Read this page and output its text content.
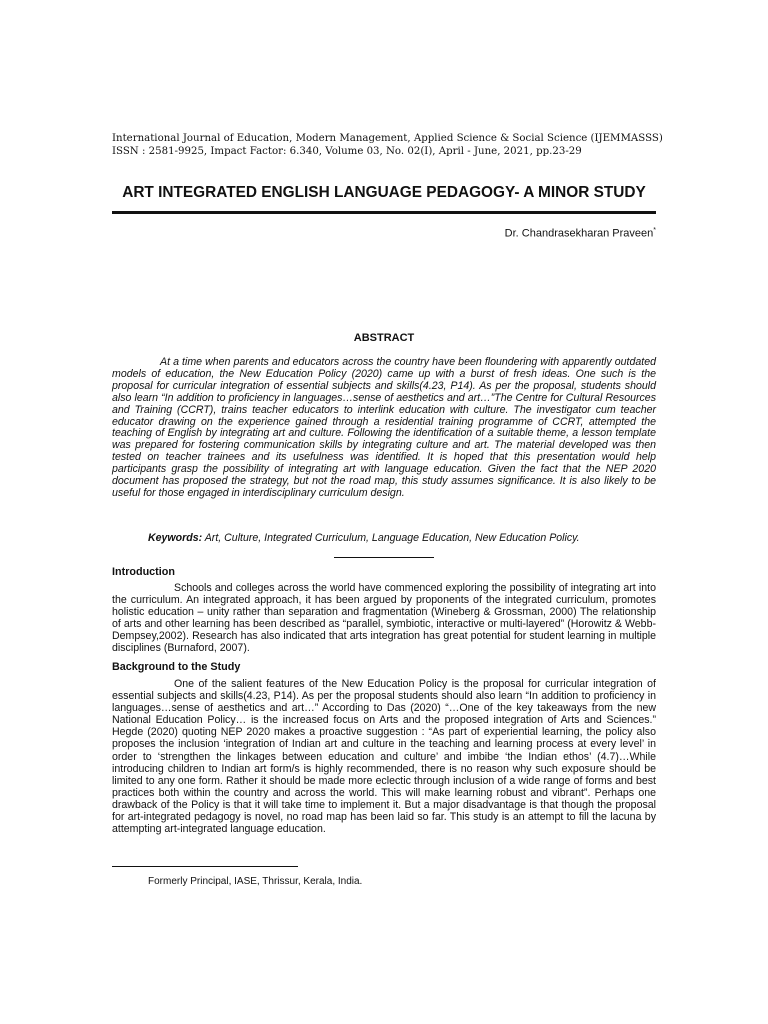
International Journal of Education, Modern Management, Applied Science & Social Science (IJEMMASSS)
ISSN : 2581-9925, Impact Factor: 6.340, Volume 03, No. 02(I), April - June, 2021, pp.23-29
ART INTEGRATED ENGLISH LANGUAGE PEDAGOGY- A MINOR STUDY
Dr. Chandrasekharan Praveen*
ABSTRACT

At a time when parents and educators across the country have been floundering with apparently outdated models of education, the New Education Policy (2020) came up with a burst of fresh ideas. One such is the proposal for curricular integration of essential subjects and skills(4.23, P14). As per the proposal, students should also learn “In addition to proficiency in languages…sense of aesthetics and art…”The Centre for Cultural Resources and Training (CCRT), trains teacher educators to interlink education with culture. The investigator cum teacher educator drawing on the experience gained through a residential training programme of CCRT, attempted the teaching of English by integrating art and culture. Following the identification of a suitable theme, a lesson template was prepared for fostering communication skills by integrating culture and art. The material developed was then tested on teacher trainees and its usefulness was identified. It is hoped that this presentation would help participants grasp the possibility of integrating art with language education. Given the fact that the NEP 2020 document has proposed the strategy, but not the road map, this study assumes significance. It is also likely to be useful for those engaged in interdisciplinary curriculum design.

Keywords: Art, Culture, Integrated Curriculum, Language Education, New Education Policy.
Introduction

Schools and colleges across the world have commenced exploring the possibility of integrating art into the curriculum. An integrated approach, it has been argued by proponents of the integrated curriculum, promotes holistic education – unity rather than separation and fragmentation (Wineberg & Grossman, 2000) The relationship of arts and other learning has been described as “parallel, symbiotic, interactive or multi-layered” (Horowitz & Webb-Dempsey,2002). Research has also indicated that arts integration has great potential for student learning in multiple disciplines (Burnaford, 2007).

Background to the Study

One of the salient features of the New Education Policy is the proposal for curricular integration of essential subjects and skills(4.23, P14). As per the proposal students should also learn “In addition to proficiency in languages…sense of aesthetics and art…” According to Das (2020) “…One of the key takeaways from the new National Education Policy… is the increased focus on Arts and the proposed integration of Arts and Sciences.” Hegde (2020) quoting NEP 2020 makes a proactive suggestion : “As part of experiential learning, the policy also proposes the inclusion ‘integration of Indian art and culture in the teaching and learning process at every level’ in order to ‘strengthen the linkages between education and culture’ and imbibe ‘the Indian ethos’ (4.7)…While introducing children to Indian art form/s is highly recommended, there is no reason why such exposure should be limited to any one form. Rather it should be made more eclectic through inclusion of a wide range of forms and best practices both within the country and across the world. This will make learning robust and vibrant”. Perhaps one drawback of the Policy is that it will take time to implement it. But a major disadvantage is that though the proposal for art-integrated pedagogy is novel, no road map has been laid so far. This study is an attempt to fill the lacuna by attempting art-integrated language education.

Formerly Principal, IASE, Thrissur, Kerala, India.
